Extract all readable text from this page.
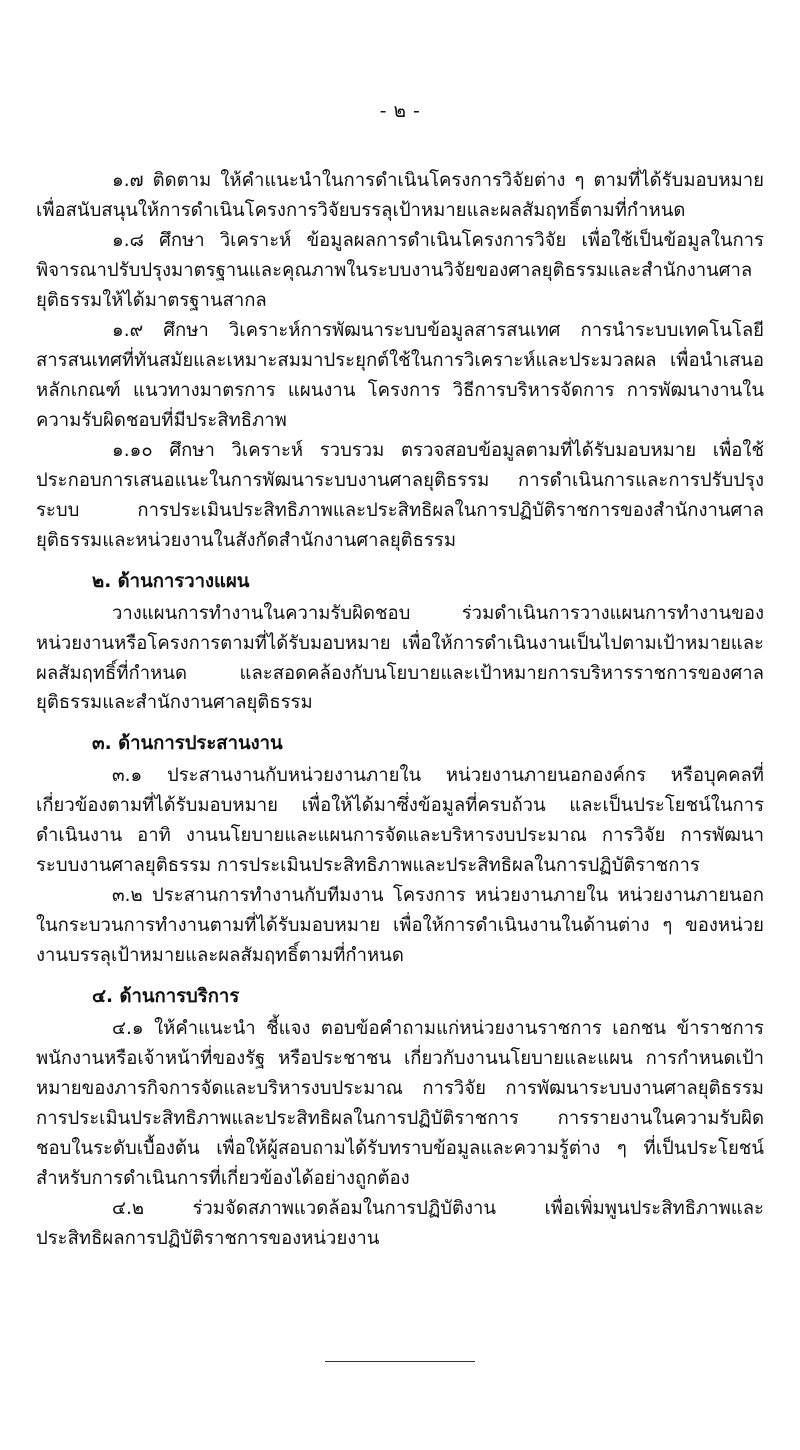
- ๒ -

๑.๗ ติดตาม ให้คำแนะนำในการดำเนินโครงการวิจัยต่าง ๆ ตามที่ได้รับมอบหมาย เพื่อสนับสนุนให้การดำเนินโครงการวิจัยบรรลุเป้าหมายและผลสัมฤทธิ์ตามที่กำหนด

๑.๘ ศึกษา วิเคราะห์ ข้อมูลผลการดำเนินโครงการวิจัย เพื่อใช้เป็นข้อมูลในการพิจารณาปรับปรุงมาตรฐานและคุณภาพในระบบงานวิจัยของศาลยุติธรรมและสำนักงานศาลยุติธรรมให้ได้มาตรฐานสากล

๑.๙ ศึกษา วิเคราะห์การพัฒนาระบบข้อมูลสารสนเทศ การนำระบบเทคโนโลยีสารสนเทศที่ทันสมัยและเหมาะสมมาประยุกต์ใช้ในการวิเคราะห์และประมวลผล เพื่อนำเสนอหลักเกณฑ์ แนวทางมาตรการ แผนงาน โครงการ วิธีการบริหารจัดการ การพัฒนางานในความรับผิดชอบที่มีประสิทธิภาพ

๑.๑๐ ศึกษา วิเคราะห์ รวบรวม ตรวจสอบข้อมูลตามที่ได้รับมอบหมาย เพื่อใช้ประกอบการเสนอแนะในการพัฒนาระบบงานศาลยุติธรรม การดำเนินการและการปรับปรุงระบบ การประเมินประสิทธิภาพและประสิทธิผลในการปฏิบัติราชการของสำนักงานศาลยุติธรรมและหน่วยงานในสังกัดสำนักงานศาลยุติธรรม

๒. ด้านการวางแผน

วางแผนการทำงานในความรับผิดชอบ ร่วมดำเนินการวางแผนการทำงานของหน่วยงานหรือโครงการตามที่ได้รับมอบหมาย เพื่อให้การดำเนินงานเป็นไปตามเป้าหมายและผลสัมฤทธิ์ที่กำหนด และสอดคล้องกับนโยบายและเป้าหมายการบริหารราชการของศาลยุติธรรมและสำนักงานศาลยุติธรรม

๓. ด้านการประสานงาน

๓.๑ ประสานงานกับหน่วยงานภายใน หน่วยงานภายนอกองค์กร หรือบุคคลที่เกี่ยวข้องตามที่ได้รับมอบหมาย เพื่อให้ได้มาซึ่งข้อมูลที่ครบถ้วน และเป็นประโยชน์ในการดำเนินงาน อาทิ งานนโยบายและแผนการจัดและบริหารงบประมาณ การวิจัย การพัฒนาระบบงานศาลยุติธรรม การประเมินประสิทธิภาพและประสิทธิผลในการปฏิบัติราชการ

๓.๒ ประสานการทำงานกับทีมงาน โครงการ หน่วยงานภายใน หน่วยงานภายนอกในกระบวนการทำงานตามที่ได้รับมอบหมาย เพื่อให้การดำเนินงานในด้านต่าง ๆ ของหน่วยงานบรรลุเป้าหมายและผลสัมฤทธิ์ตามที่กำหนด

๔. ด้านการบริการ

๔.๑ ให้คำแนะนำ ชี้แจง ตอบข้อคำถามแก่หน่วยงานราชการ เอกชน ข้าราชการ พนักงานหรือเจ้าหน้าที่ของรัฐ หรือประชาชน เกี่ยวกับงานนโยบายและแผน การกำหนดเป้าหมายของภารกิจการจัดและบริหารงบประมาณ การวิจัย การพัฒนาระบบงานศาลยุติธรรม การประเมินประสิทธิภาพและประสิทธิผลในการปฏิบัติราชการ การรายงานในความรับผิดชอบในระดับเบื้องต้น เพื่อให้ผู้สอบถามได้รับทราบข้อมูลและความรู้ต่าง ๆ ที่เป็นประโยชน์สำหรับการดำเนินการที่เกี่ยวข้องได้อย่างถูกต้อง

๔.๒ ร่วมจัดสภาพแวดล้อมในการปฏิบัติงาน เพื่อเพิ่มพูนประสิทธิภาพและประสิทธิผลการปฏิบัติราชการของหน่วยงาน
